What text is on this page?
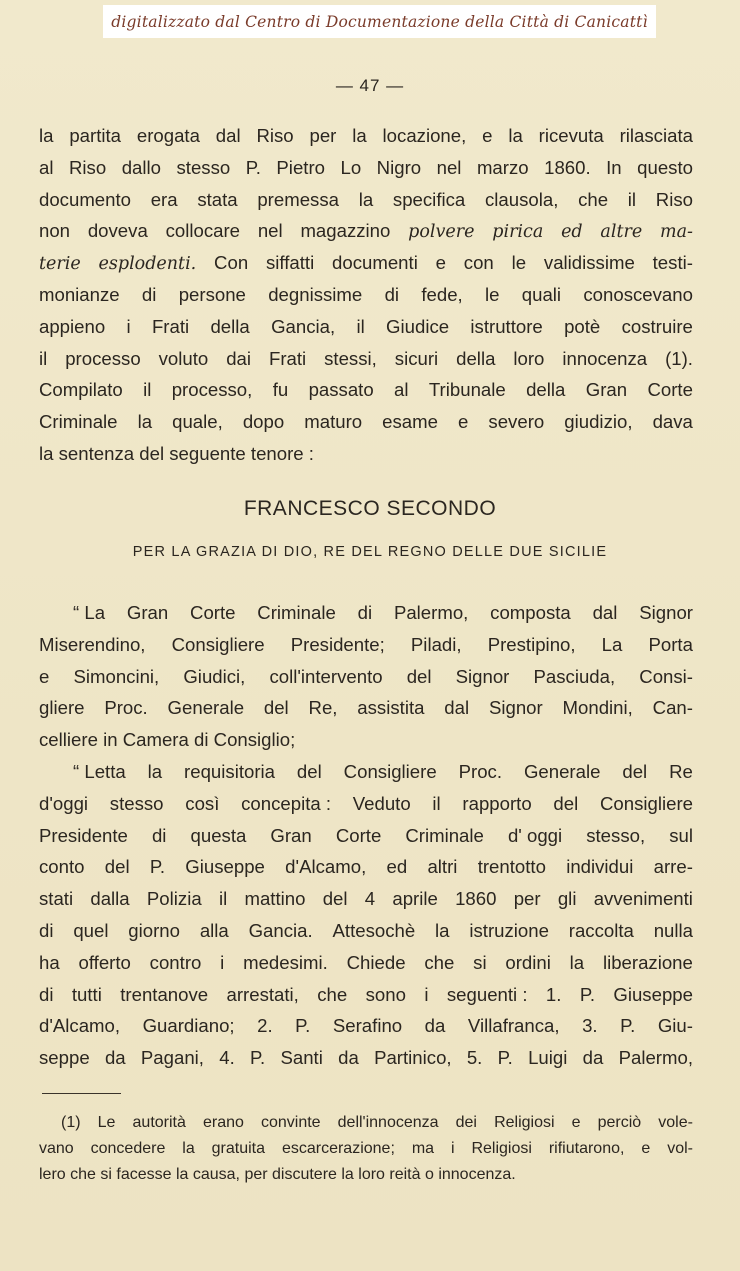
digitalizzato dal Centro di Documentazione della Città di Canicattì
— 47 —
la partita erogata dal Riso per la locazione, e la ricevuta rilasciata
al Riso dallo stesso P. Pietro Lo Nigro nel marzo 1860. In questo
documento era stata premessa la specifica clausola, che il Riso
non doveva collocare nel magazzino polvere pirica ed altre ma-
terie esplodenti. Con siffatti documenti e con le validissime testi-
monianze di persone degnissime di fede, le quali conoscevano
appieno i Frati della Gancia, il Giudice istruttore potè costruire
il processo voluto dai Frati stessi, sicuri della loro innocenza (1).
Compilato il processo, fu passato al Tribunale della Gran Corte
Criminale la quale, dopo maturo esame e severo giudizio, dava
la sentenza del seguente tenore :
FRANCESCO SECONDO
PER LA GRAZIA DI DIO, RE DEL REGNO DELLE DUE SICILIE
“ La Gran Corte Criminale di Palermo, composta dal Signor
Miserendino, Consigliere Presidente; Piladi, Prestipino, La Porta
e Simoncini, Giudici, coll'intervento del Signor Pasciuda, Consi-
gliere Proc. Generale del Re, assistita dal Signor Mondini, Can-
celliere in Camera di Consiglio;
“ Letta la requisitoria del Consigliere Proc. Generale del Re
d'oggi stesso così concepita : Veduto il rapporto del Consigliere
Presidente di questa Gran Corte Criminale d' oggi stesso, sul
conto del P. Giuseppe d'Alcamo, ed altri trentotto individui arre-
stati dalla Polizia il mattino del 4 aprile 1860 per gli avvenimenti
di quel giorno alla Gancia. Attesochè la istruzione raccolta nulla
ha offerto contro i medesimi. Chiede che si ordini la liberazione
di tutti trentanove arrestati, che sono i seguenti : 1. P. Giuseppe
d'Alcamo, Guardiano; 2. P. Serafino da Villafranca, 3. P. Giu-
seppe da Pagani, 4. P. Santi da Partinico, 5. P. Luigi da Palermo,
(1) Le autorità erano convinte dell'innocenza dei Religiosi e perciò vole-
vano concedere la gratuita escarcerazione; ma i Religiosi rifiutarono, e vol-
lero che si facesse la causa, per discutere la loro reità o innocenza.
